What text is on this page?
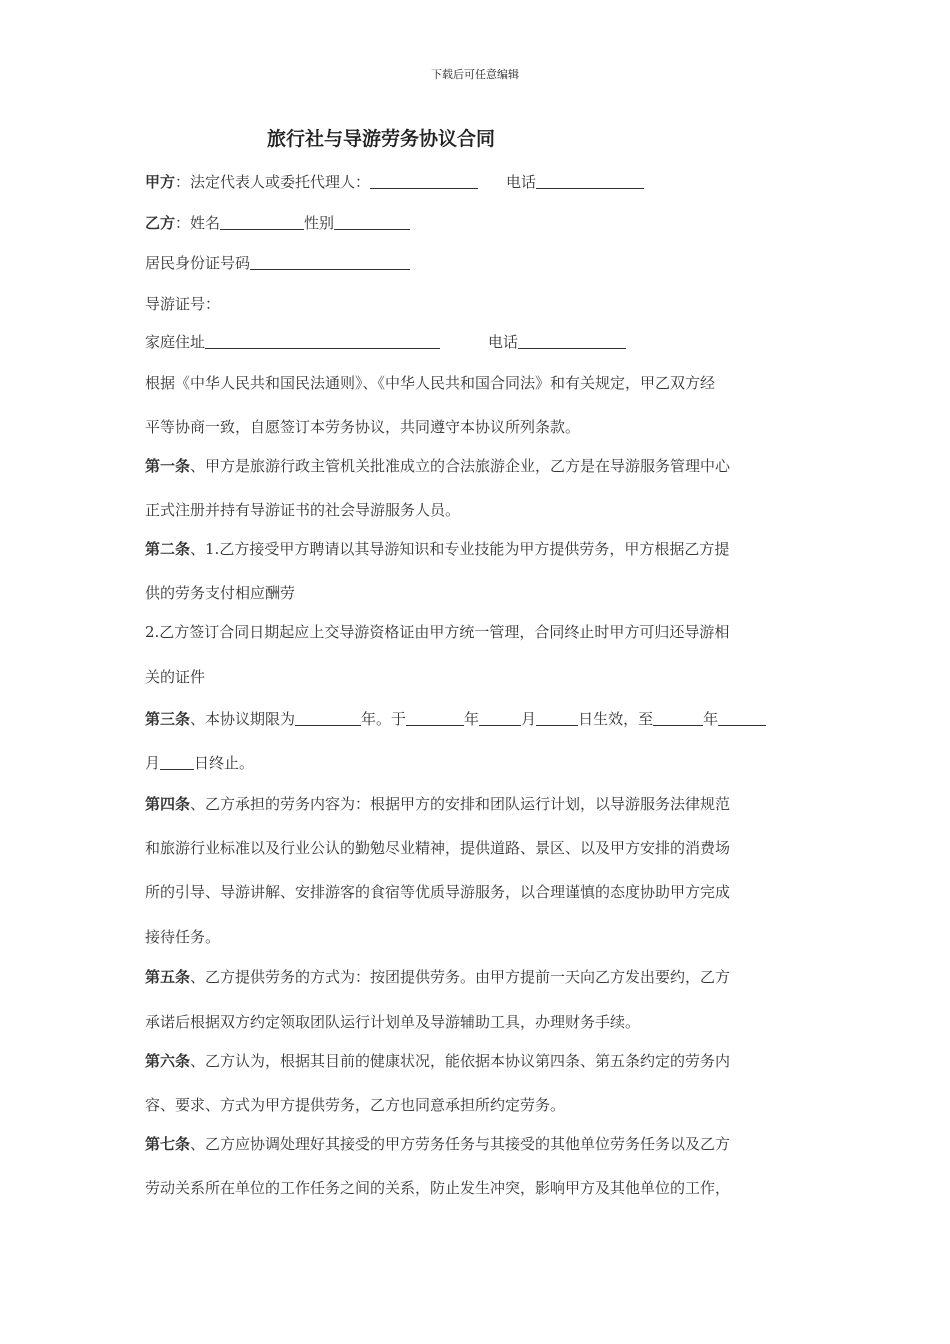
下载后可任意编辑
旅行社与导游劳务协议合同
甲方：法定代表人或委托代理人：	电话
乙方：姓名	性别
居民身份证号码
导游证号：
家庭住址	电话
根据《中华人民共和国民法通则》、《中华人民共和国合同法》和有关规定，甲乙双方经
平等协商一致，自愿签订本劳务协议，共同遵守本协议所列条款。
第一条、甲方是旅游行政主管机关批准成立的合法旅游企业，乙方是在导游服务管理中心
正式注册并持有导游证书的社会导游服务人员。
第二条、1.乙方接受甲方聘请以其导游知识和专业技能为甲方提供劳务，甲方根据乙方提
供的劳务支付相应酬劳
2.乙方签订合同日期起应上交导游资格证由甲方统一管理，合同终止时甲方可归还导游相
关的证件
第三条、本协议期限为	年。于	年	月	日生效，至	年
月 日终止。
第四条、乙方承担的劳务内容为：根据甲方的安排和团队运行计划，以导游服务法律规范
和旅游行业标准以及行业公认的勤勉尽业精神，提供道路、景区、以及甲方安排的消费场
所的引导、导游讲解、安排游客的食宿等优质导游服务，以合理谨慎的态度协助甲方完成
接待任务。
第五条、乙方提供劳务的方式为：按团提供劳务。由甲方提前一天向乙方发出要约，乙方
承诺后根据双方约定领取团队运行计划单及导游辅助工具，办理财务手续。
第六条、乙方认为，根据其目前的健康状况，能依据本协议第四条、第五条约定的劳务内
容、要求、方式为甲方提供劳务，乙方也同意承担所约定劳务。
第七条、乙方应协调处理好其接受的甲方劳务任务与其接受的其他单位劳务任务以及乙方
劳动关系所在单位的工作任务之间的关系，防止发生冲突，影响甲方及其他单位的工作，
